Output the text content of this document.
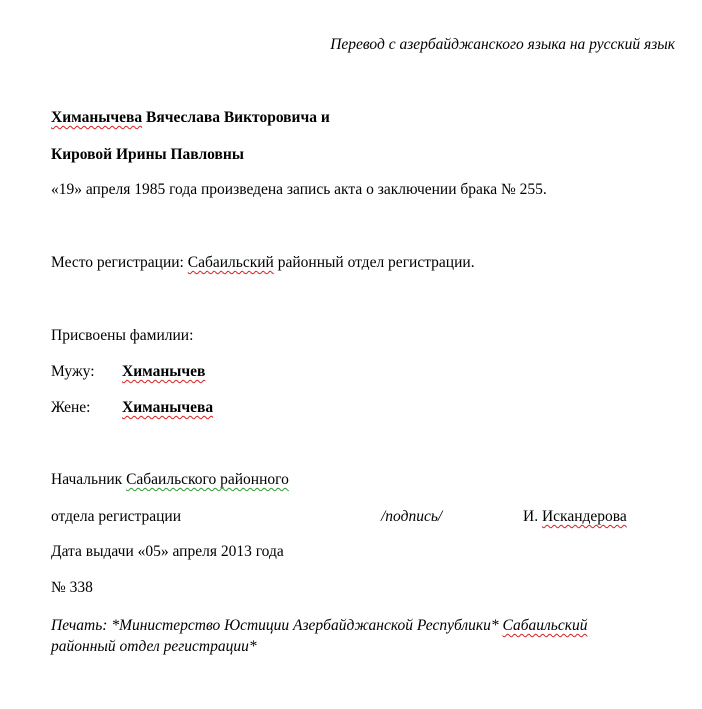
Перевод с азербайджанского языка на русский язык
Химанычева Вячеслава Викторовича и
Кировой Ирины Павловны
«19» апреля 1985 года произведена запись акта о заключении брака № 255.
Место регистрации: Сабаильский районный отдел регистрации.
Присвоены фамилии:
Мужу: Химанычев
Жене: Химанычева
Начальник Сабаильского районного
отдела регистрации	/подпись/	И. Искандерова
Дата выдачи «05» апреля 2013 года
№ 338
Печать: *Министерство Юстиции Азербайджанской Республики* Сабаильский
районный отдел регистрации*
